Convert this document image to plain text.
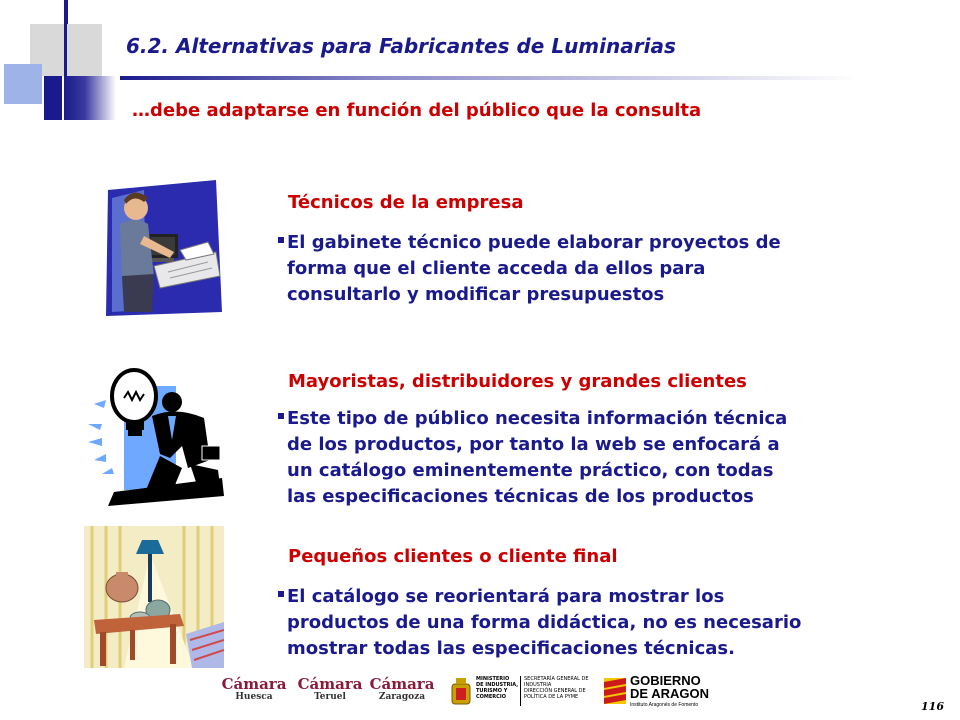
6.2. Alternativas para Fabricantes de Luminarias
…debe adaptarse en función del público que la consulta
Técnicos de la empresa
El gabinete técnico puede elaborar proyectos de
forma que el cliente acceda da ellos para
consultarlo y modificar presupuestos
Mayoristas, distribuidores y grandes clientes
Este tipo de público necesita información técnica
de los productos, por tanto la web se enfocará a
un catálogo eminentemente práctico, con todas
las especificaciones técnicas de los productos
Pequeños clientes o cliente final
El catálogo se reorientará para mostrar los
productos de una forma didáctica, no es necesario
mostrar todas las especificaciones técnicas.
Cámara
Huesca
Cámara
Teruel
Cámara
Zaragoza
MINISTERIO
DE INDUSTRIA,
TURISMO Y
COMERCIO
SECRETARÍA GENERAL DE
INDUSTRIA
DIRECCIÓN GENERAL DE
POLÍTICA DE LA PYME
GOBIERNO
DE ARAGON
Instituto Aragonés de Fomento	116
